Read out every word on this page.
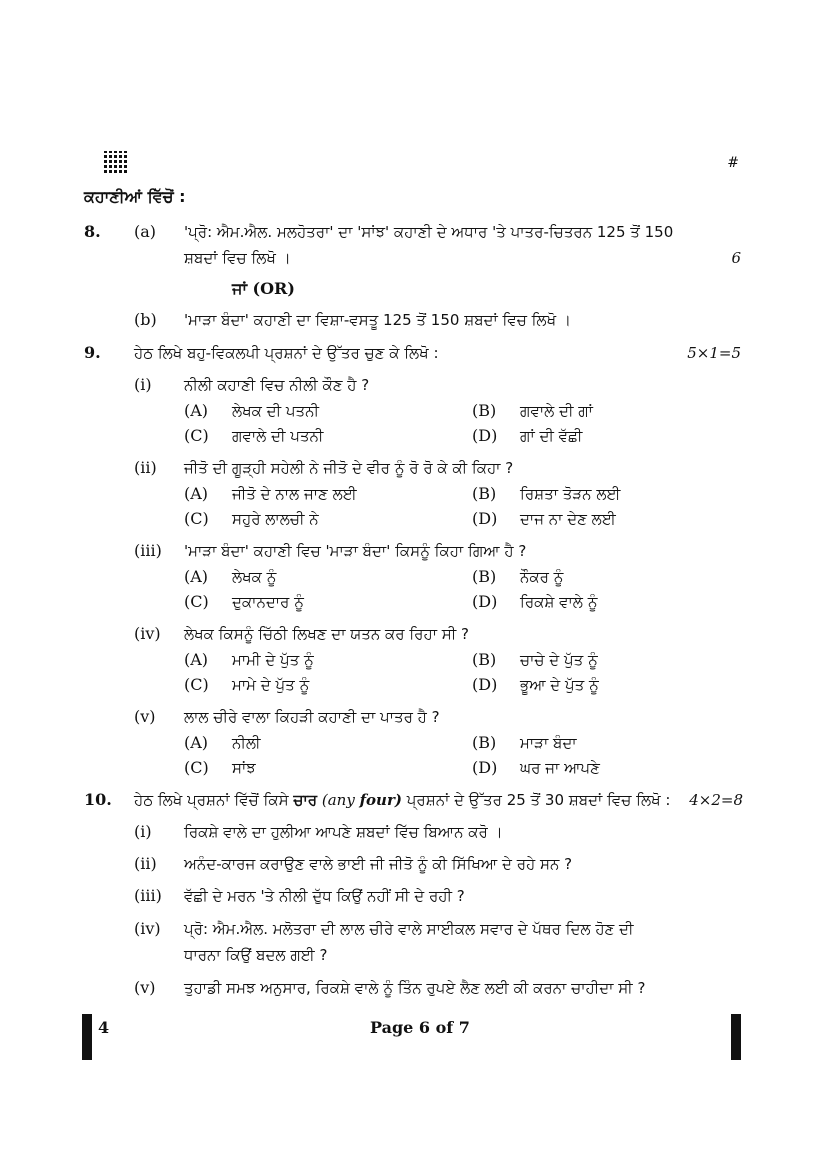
#
ਕਹਾਣੀਆਂ ਵਿੱਚੋਂ :
8. (a) 'ਪ੍ਰੋ: ਐਮ.ਐਲ. ਮਲਹੋਤਰਾ' ਦਾ 'ਸਾਂਝ' ਕਹਾਣੀ ਦੇ ਅਧਾਰ 'ਤੇ ਪਾਤਰ-ਚਿਤਰਨ 125 ਤੋਂ 150
ਸ਼ਬਦਾਂ ਵਿਚ ਲਿਖੋ ।	6
ਜਾਂ (OR)
(b) 'ਮਾੜਾ ਬੰਦਾ' ਕਹਾਣੀ ਦਾ ਵਿਸ਼ਾ-ਵਸਤੂ 125 ਤੋਂ 150 ਸ਼ਬਦਾਂ ਵਿਚ ਲਿਖੋ ।
9. ਹੇਠ ਲਿਖੇ ਬਹੁ-ਵਿਕਲਪੀ ਪ੍ਰਸ਼ਨਾਂ ਦੇ ਉੱਤਰ ਚੁਣ ਕੇ ਲਿਖੋ :	5×1=5
(i) ਨੀਲੀ ਕਹਾਣੀ ਵਿਚ ਨੀਲੀ ਕੌਣ ਹੈ ?
(A) ਲੇਖਕ ਦੀ ਪਤਨੀ	(B) ਗਵਾਲੇ ਦੀ ਗਾਂ
(C) ਗਵਾਲੇ ਦੀ ਪਤਨੀ	(D) ਗਾਂ ਦੀ ਵੱਛੀ
(ii) ਜੀਤੋ ਦੀ ਗੂੜ੍ਹੀ ਸਹੇਲੀ ਨੇ ਜੀਤੋ ਦੇ ਵੀਰ ਨੂੰ ਰੋ ਰੋ ਕੇ ਕੀ ਕਿਹਾ ?
(A) ਜੀਤੋ ਦੇ ਨਾਲ ਜਾਣ ਲਈ	(B) ਰਿਸ਼ਤਾ ਤੋੜਨ ਲਈ
(C) ਸਹੁਰੇ ਲਾਲਚੀ ਨੇ	(D) ਦਾਜ ਨਾ ਦੇਣ ਲਈ
(iii) 'ਮਾੜਾ ਬੰਦਾ' ਕਹਾਣੀ ਵਿਚ 'ਮਾੜਾ ਬੰਦਾ' ਕਿਸਨੂੰ ਕਿਹਾ ਗਿਆ ਹੈ ?
(A) ਲੇਖਕ ਨੂੰ	(B) ਨੌਕਰ ਨੂੰ
(C) ਦੁਕਾਨਦਾਰ ਨੂੰ	(D) ਰਿਕਸ਼ੇ ਵਾਲੇ ਨੂੰ
(iv) ਲੇਖਕ ਕਿਸਨੂੰ ਚਿੱਠੀ ਲਿਖਣ ਦਾ ਯਤਨ ਕਰ ਰਿਹਾ ਸੀ ?
(A) ਮਾਮੀ ਦੇ ਪੁੱਤ ਨੂੰ	(B) ਚਾਚੇ ਦੇ ਪੁੱਤ ਨੂੰ
(C) ਮਾਮੇ ਦੇ ਪੁੱਤ ਨੂੰ	(D) ਭੂਆ ਦੇ ਪੁੱਤ ਨੂੰ
(v) ਲਾਲ ਚੀਰੇ ਵਾਲਾ ਕਿਹੜੀ ਕਹਾਣੀ ਦਾ ਪਾਤਰ ਹੈ ?
(A) ਨੀਲੀ	(B) ਮਾੜਾ ਬੰਦਾ
(C) ਸਾਂਝ	(D) ਘਰ ਜਾ ਆਪਣੇ
10. ਹੇਠ ਲਿਖੇ ਪ੍ਰਸ਼ਨਾਂ ਵਿੱਚੋਂ ਕਿਸੇ ਚਾਰ (any four) ਪ੍ਰਸ਼ਨਾਂ ਦੇ ਉੱਤਰ 25 ਤੋਂ 30 ਸ਼ਬਦਾਂ ਵਿਚ ਲਿਖੋ : 4×2=8
(i) ਰਿਕਸ਼ੇ ਵਾਲੇ ਦਾ ਹੁਲੀਆ ਆਪਣੇ ਸ਼ਬਦਾਂ ਵਿੱਚ ਬਿਆਨ ਕਰੋ ।
(ii) ਅਨੰਦ-ਕਾਰਜ ਕਰਾਉਣ ਵਾਲੇ ਭਾਈ ਜੀ ਜੀਤੋ ਨੂੰ ਕੀ ਸਿੱਖਿਆ ਦੇ ਰਹੇ ਸਨ ?
(iii) ਵੱਛੀ ਦੇ ਮਰਨ 'ਤੇ ਨੀਲੀ ਦੁੱਧ ਕਿਉਂ ਨਹੀਂ ਸੀ ਦੇ ਰਹੀ ?
(iv) ਪ੍ਰੋ: ਐਮ.ਐਲ. ਮਲੋਤਰਾ ਦੀ ਲਾਲ ਚੀਰੇ ਵਾਲੇ ਸਾਈਕਲ ਸਵਾਰ ਦੇ ਪੱਥਰ ਦਿਲ ਹੋਣ ਦੀ
ਧਾਰਨਾ ਕਿਉਂ ਬਦਲ ਗਈ ?
(v) ਤੁਹਾਡੀ ਸਮਝ ਅਨੁਸਾਰ, ਰਿਕਸ਼ੇ ਵਾਲੇ ਨੂੰ ਤਿੰਨ ਰੁਪਏ ਲੈਣ ਲਈ ਕੀ ਕਰਨਾ ਚਾਹੀਦਾ ਸੀ ?
4	Page 6 of 7
